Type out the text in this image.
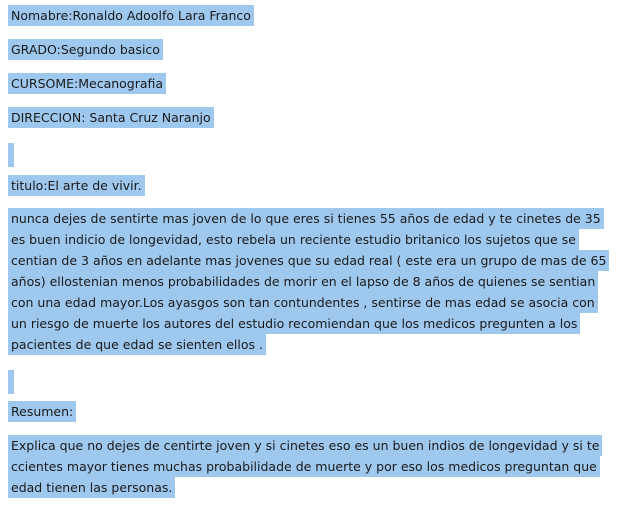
Nomabre:Ronaldo Adoolfo Lara Franco
GRADO:Segundo basico
CURSOME:Mecanografia
DIRECCION: Santa Cruz Naranjo
titulo:El arte de vivir.
nunca dejes de sentirte mas joven de lo que eres si tienes 55 años de edad y te cinetes de 35
es buen indicio de longevidad, esto rebela un reciente estudio britanico los sujetos que se
centian de 3 años en adelante mas jovenes que su edad real ( este era un grupo de mas de 65
años) ellostenian menos probabilidades de morir en el lapso de 8 años de quienes se sentian
con una edad mayor.Los ayasgos son tan contundentes , sentirse de mas edad se asocia con
un riesgo de muerte los autores del estudio recomiendan que los medicos pregunten a los
pacientes de que edad se sienten ellos .
Resumen:
Explica que no dejes de centirte joven y si cinetes eso es un buen indios de longevidad y si te
ccientes mayor tienes muchas probabilidade de muerte y por eso los medicos preguntan que
edad tienen las personas.
